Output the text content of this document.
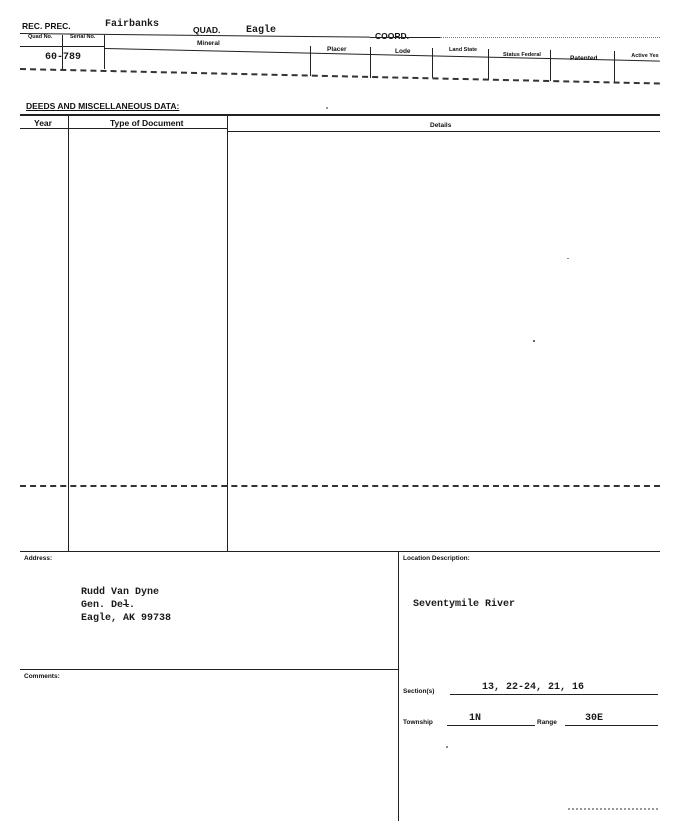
REC. PREC.	Fairbanks	QUAD.	Eagle	COORD.
Quad No.	Serial No.
Mineral
Placer	Lode	Land State
Status Federal	Patented	Active Yes
60-789
DEEDS AND MISCELLANEOUS DATA:
Year	Type of Document	Details
Address:
Rudd Van Dyne
Gen. Del.
Eagle, AK 99738
Comments:
Location Description:
Seventymile River
Section(s)	13, 22-24, 21, 16
Township	1N	Range	30E
